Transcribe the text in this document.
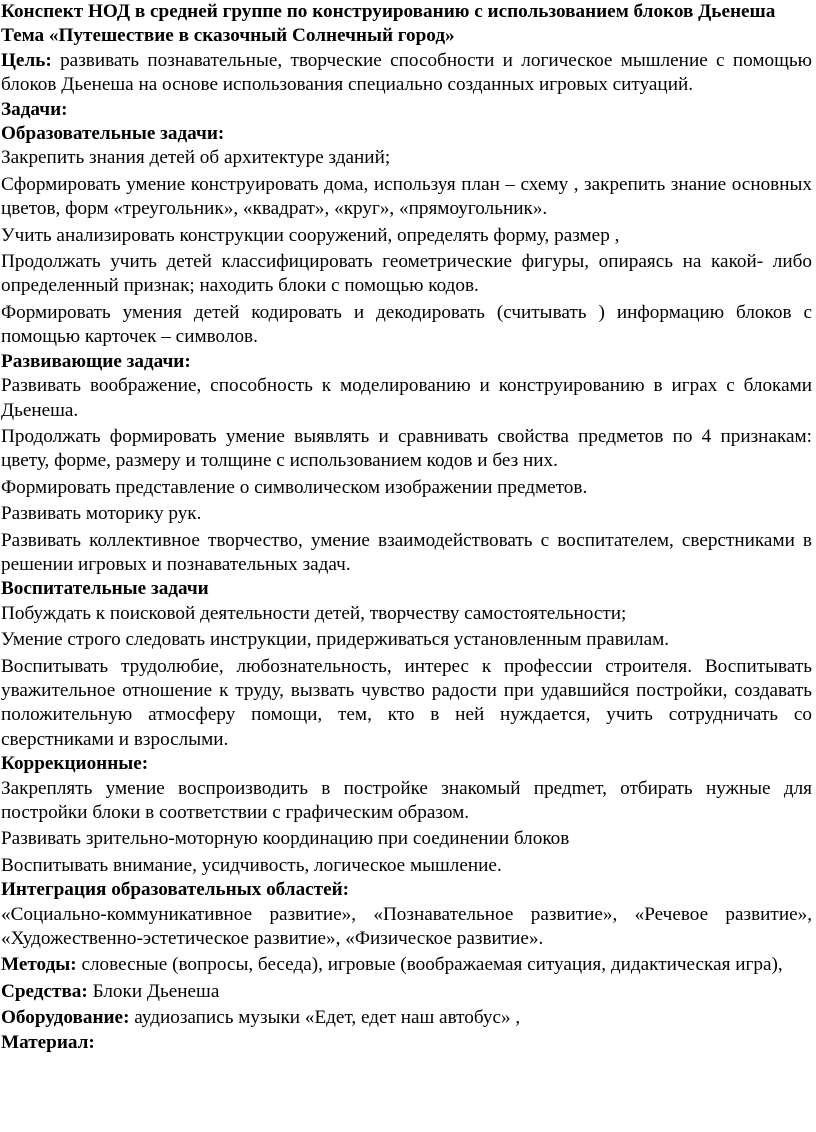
Конспект НОД в средней группе по конструированию с использованием блоков Дьенеша

Тема «Путешествие в сказочный Солнечный город»

Цель: развивать познавательные, творческие способности и логическое мышление с помощью блоков Дьенеша на основе использования специально созданных игровых ситуаций.

Задачи:

Образовательные задачи:

Закрепить знания детей об архитектуре зданий;

Сформировать умение конструировать дома, используя план – схему , закрепить знание основных цветов, форм «треугольник», «квадрат», «круг», «прямоугольник».

Учить анализировать конструкции сооружений, определять форму, размер ,

Продолжать учить детей классифицировать геометрические фигуры, опираясь на какой- либо определенный признак; находить блоки с помощью кодов.

Формировать умения детей кодировать и декодировать (считывать ) информацию блоков с помощью карточек – символов.

Развивающие задачи:

Развивать воображение, способность к моделированию и конструированию в играх с блоками Дьенеша.

Продолжать формировать умение выявлять и сравнивать свойства предметов по 4 признакам: цвету, форме, размеру и толщине с использованием кодов и без них.

Формировать представление о символическом изображении предметов.

Развивать моторику рук.

Развивать коллективное творчество, умение взаимодействовать с воспитателем, сверстниками в решении игровых и познавательных задач.

Воспитательные задачи

Побуждать к поисковой деятельности детей, творчеству самостоятельности;

Умение строго следовать инструкции, придерживаться установленным правилам.

Воспитывать трудолюбие, любознательность, интерес к профессии строителя. Воспитывать уважительное отношение к труду, вызвать чувство радости при удавшийся постройки, создавать положительную атмосферу помощи, тем, кто в ней нуждается, учить сотрудничать со сверстниками и взрослыми.

Коррекционные:

Закреплять умение воспроизводить в постройке знакомый предmет, отбирать нужные для постройки блоки в соответствии с графическим образом.

Развивать зрительно-моторную координацию при соединении блоков

Воспитывать внимание, усидчивость, логическое мышление.

Интеграция образовательных областей:

«Социально-коммуникативное развитие», «Познавательное развитие», «Речевое развитие», «Художественно-эстетическое развитие», «Физическое развитие».

Методы: словесные (вопросы, беседа), игровые (воображаемая ситуация, дидактическая игра),

Средства: Блоки Дьенеша

Оборудование: аудиозапись музыки «Едет, едет наш автобус» ,

Материал:
